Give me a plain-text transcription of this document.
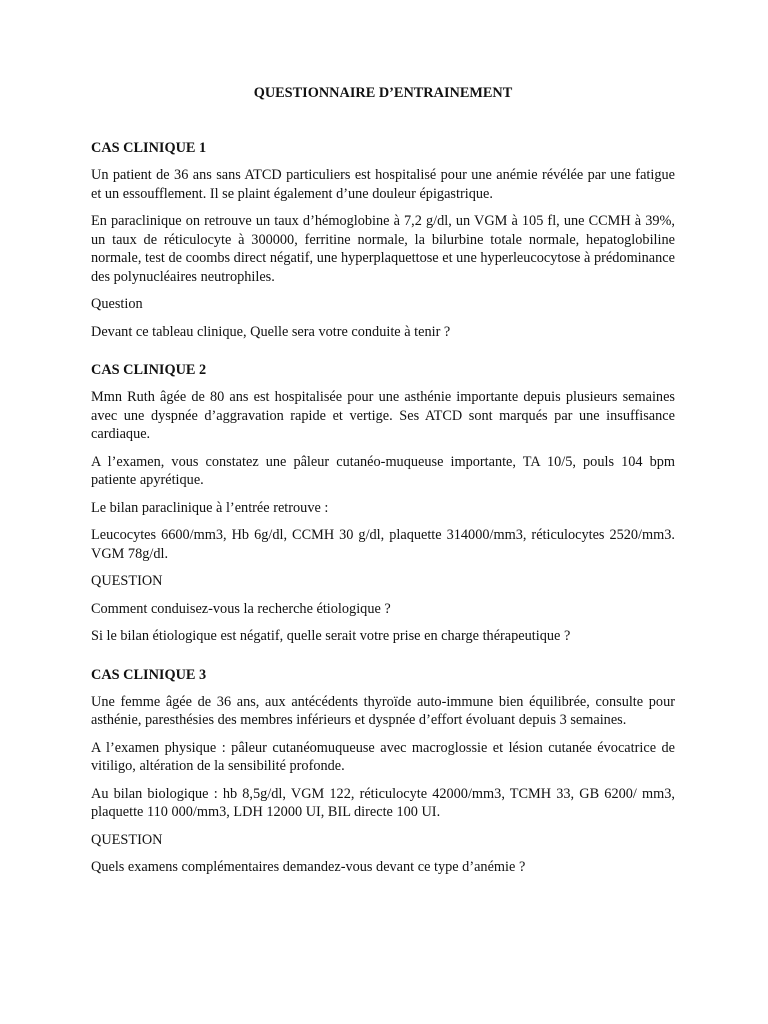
QUESTIONNAIRE D’ENTRAINEMENT
CAS CLINIQUE 1

Un patient de 36 ans sans ATCD particuliers est hospitalisé pour une anémie révélée par une fatigue et un essoufflement. Il se plaint également d’une douleur épigastrique.

En paraclinique on retrouve un taux d’hémoglobine à 7,2 g/dl, un VGM à 105 fl, une CCMH à 39%, un taux de réticulocyte à 300000, ferritine normale, la bilurbine totale normale, hepatoglobiline normale, test de coombs direct négatif, une hyperplaquettose et une hyperleucocytose à prédominance des polynucléaires neutrophiles.

Question

Devant ce tableau clinique, Quelle sera votre conduite à tenir ?

CAS CLINIQUE 2

Mmn Ruth âgée de 80 ans est hospitalisée pour une asthénie importante depuis plusieurs semaines avec une dyspnée d’aggravation rapide et vertige. Ses ATCD sont marqués par une insuffisance cardiaque.

A l’examen, vous constatez une pâleur cutanéo-muqueuse importante, TA 10/5, pouls 104 bpm patiente apyrétique.

Le bilan paraclinique à l’entrée retrouve :

Leucocytes 6600/mm3, Hb 6g/dl, CCMH 30 g/dl, plaquette 314000/mm3, réticulocytes 2520/mm3. VGM 78g/dl.

QUESTION

Comment conduisez-vous la recherche étiologique ?

Si le bilan étiologique est négatif, quelle serait votre prise en charge thérapeutique ?

CAS CLINIQUE 3

Une femme âgée de 36 ans, aux antécédents thyroïde auto-immune bien équilibrée, consulte pour asthénie, paresthésies des membres inférieurs et dyspnée d’effort évoluant depuis 3 semaines.

A l’examen physique : pâleur cutanéomuqueuse avec macroglossie et lésion cutanée évocatrice de vitiligo, altération de la sensibilité profonde.

Au bilan biologique : hb 8,5g/dl, VGM 122, réticulocyte 42000/mm3, TCMH 33, GB 6200/ mm3, plaquette 110 000/mm3, LDH 12000 UI, BIL directe 100 UI.

QUESTION

Quels examens complémentaires demandez-vous devant ce type d’anémie ?
